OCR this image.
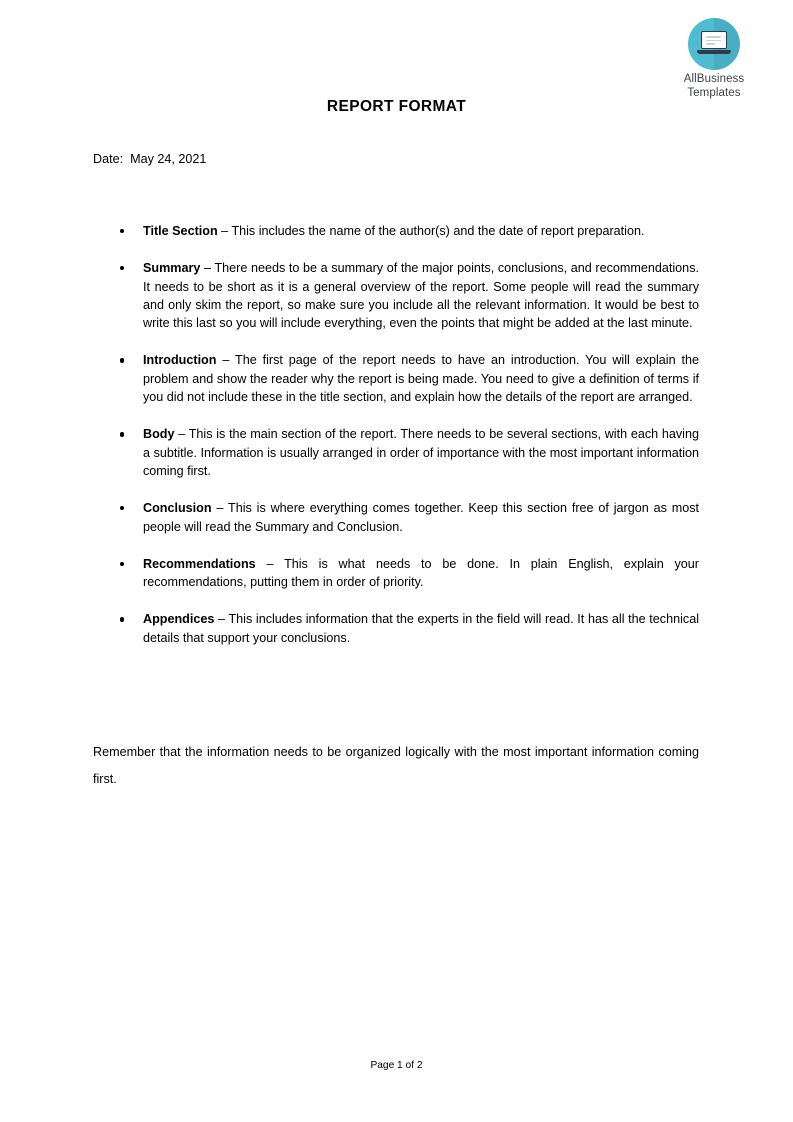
AllBusiness
Templates
REPORT FORMAT
Date: May 24, 2021
Title Section – This includes the name of the author(s) and the date of report preparation.
Summary – There needs to be a summary of the major points, conclusions, and recommendations. It needs to be short as it is a general overview of the report. Some people will read the summary and only skim the report, so make sure you include all the relevant information. It would be best to write this last so you will include everything, even the points that might be added at the last minute.
Introduction – The first page of the report needs to have an introduction. You will explain the problem and show the reader why the report is being made. You need to give a definition of terms if you did not include these in the title section, and explain how the details of the report are arranged.
Body – This is the main section of the report. There needs to be several sections, with each having a subtitle. Information is usually arranged in order of importance with the most important information coming first.
Conclusion – This is where everything comes together. Keep this section free of jargon as most people will read the Summary and Conclusion.
Recommendations – This is what needs to be done. In plain English, explain your recommendations, putting them in order of priority.
Appendices – This includes information that the experts in the field will read. It has all the technical details that support your conclusions.
Remember that the information needs to be organized logically with the most important information coming first.
Page 1 of 2
